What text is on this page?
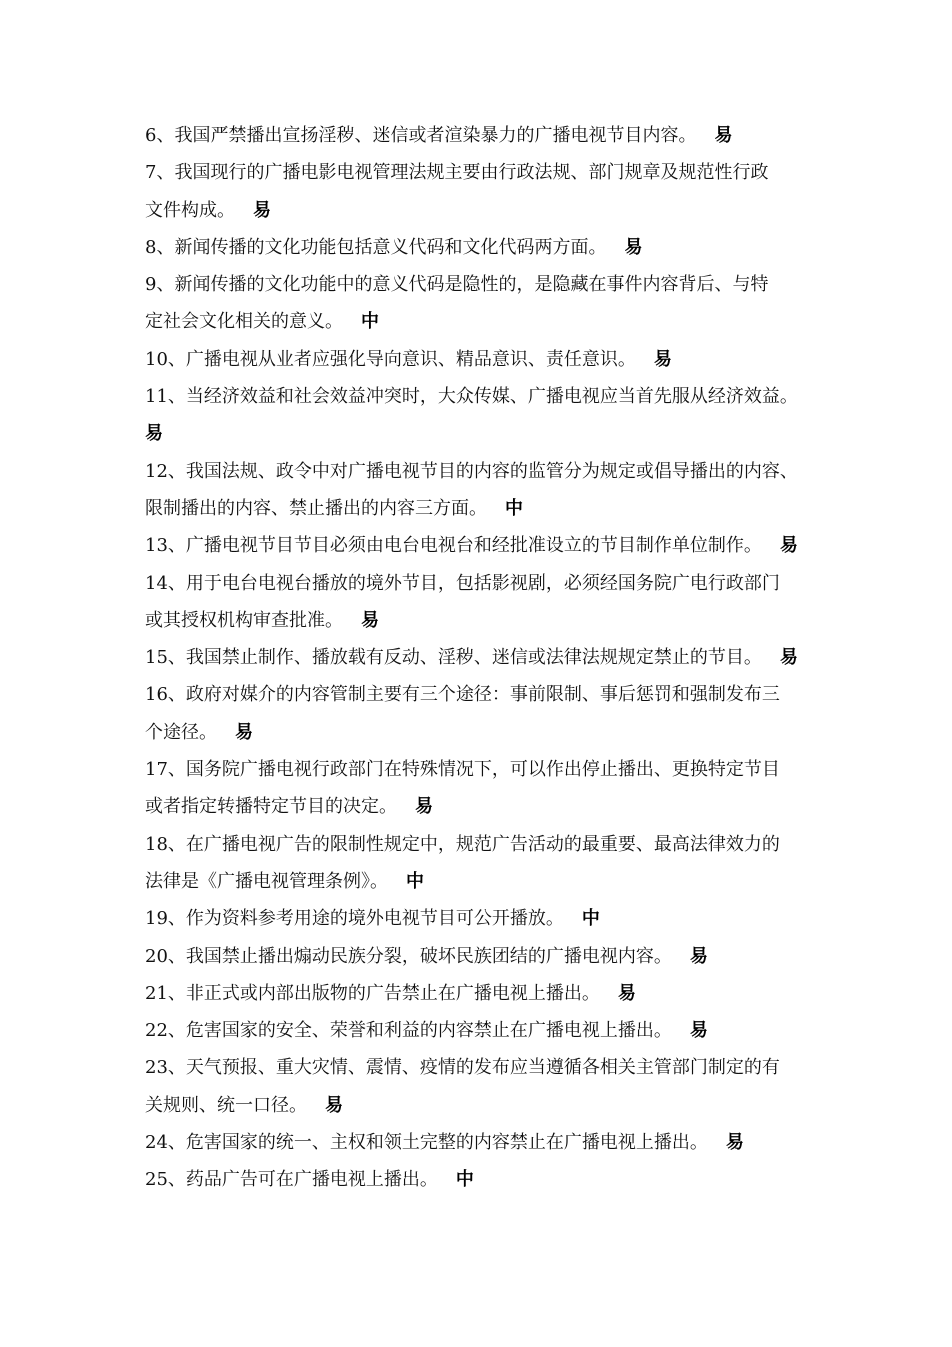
6、我国严禁播出宣扬淫秽、迷信或者渲染暴力的广播电视节目内容。 易
7、我国现行的广播电影电视管理法规主要由行政法规、部门规章及规范性行政
文件构成。 易
8、新闻传播的文化功能包括意义代码和文化代码两方面。 易
9、新闻传播的文化功能中的意义代码是隐性的，是隐藏在事件内容背后、与特
定社会文化相关的意义。 中
10、广播电视从业者应强化导向意识、精品意识、责任意识。 易
11、当经济效益和社会效益冲突时，大众传媒、广播电视应当首先服从经济效益。
易
12、我国法规、政令中对广播电视节目的内容的监管分为规定或倡导播出的内容、
限制播出的内容、禁止播出的内容三方面。 中
13、广播电视节目节目必须由电台电视台和经批准设立的节目制作单位制作。 易
14、用于电台电视台播放的境外节目，包括影视剧，必须经国务院广电行政部门
或其授权机构审查批准。 易
15、我国禁止制作、播放载有反动、淫秽、迷信或法律法规规定禁止的节目。 易
16、政府对媒介的内容管制主要有三个途径：事前限制、事后惩罚和强制发布三
个途径。 易
17、国务院广播电视行政部门在特殊情况下，可以作出停止播出、更换特定节目
或者指定转播特定节目的决定。 易
18、在广播电视广告的限制性规定中，规范广告活动的最重要、最高法律效力的
法律是《广播电视管理条例》。 中
19、作为资料参考用途的境外电视节目可公开播放。 中
20、我国禁止播出煽动民族分裂，破坏民族团结的广播电视内容。 易
21、非正式或内部出版物的广告禁止在广播电视上播出。 易
22、危害国家的安全、荣誉和利益的内容禁止在广播电视上播出。 易
23、天气预报、重大灾情、震情、疫情的发布应当遵循各相关主管部门制定的有
关规则、统一口径。 易
24、危害国家的统一、主权和领土完整的内容禁止在广播电视上播出。 易
25、药品广告可在广播电视上播出。 中
